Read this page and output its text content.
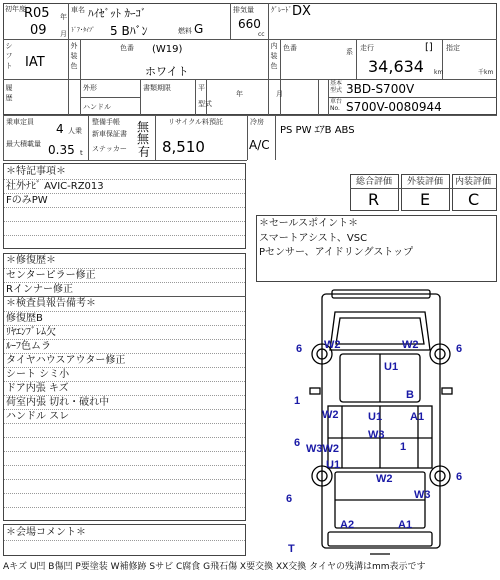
初年度
R05 年
09 月
車名 ﾊｲｾﾞｯﾄ ｶｰｺﾞ
ﾄﾞｱ･ﾀｲﾌﾟ 5 Bﾊﾞﾝ	燃料 G
排気量
660
cc
ｸﾞﾚｰﾄﾞ DX
シフト IAT
外装色
色番 (W19)
ホワイト
内装色
色番	系 走行	[]
34,634 km
指定
千km
履歴
外形
ハンドル
書類期限	平
型式
年	月
基本型式 3BD-S700V
車台No. S700V-0080944
乗車定員 4 人乗
最大積載量 0.35 t
整備手帳 無
新車保証書 無
ステッカー
リサイクル料預託
有 8,510
冷房
A/C
PS PW ｴｱB ABS
総合評価
R
外装評価
E
内装評価
C
＊特記事項＊
社外ﾅﾋﾞ AVIC-RZ013
FのみPW
＊セールスポイント＊
スマートアシスト、VSC
Pセンサー、アイドリングストップ
＊修復歴＊
センターピラー修正
Rインナー修正
＊検査員報告備考＊
修復歴B
ﾘﾔｴﾝﾌﾞﾚﾑ欠
ﾙｰﾌ色ムラ
タイヤハウスアウター修正
シート シミ小
ドア内張 キズ
荷室内張 切れ・破れ中
ハンドル スレ
＊会場コメント＊
6 W2	W2	6
U1
1	B
W2	U1	A1
6
W3
W3W2
U1
1
W2	6
W3
6
A2	A1
T
Aキズ U凹 B傷凹 P要塗装 W補修跡 Sサビ C腐食 G飛石傷 X要交換 XX交換 タイヤの残溝はmm表示です
